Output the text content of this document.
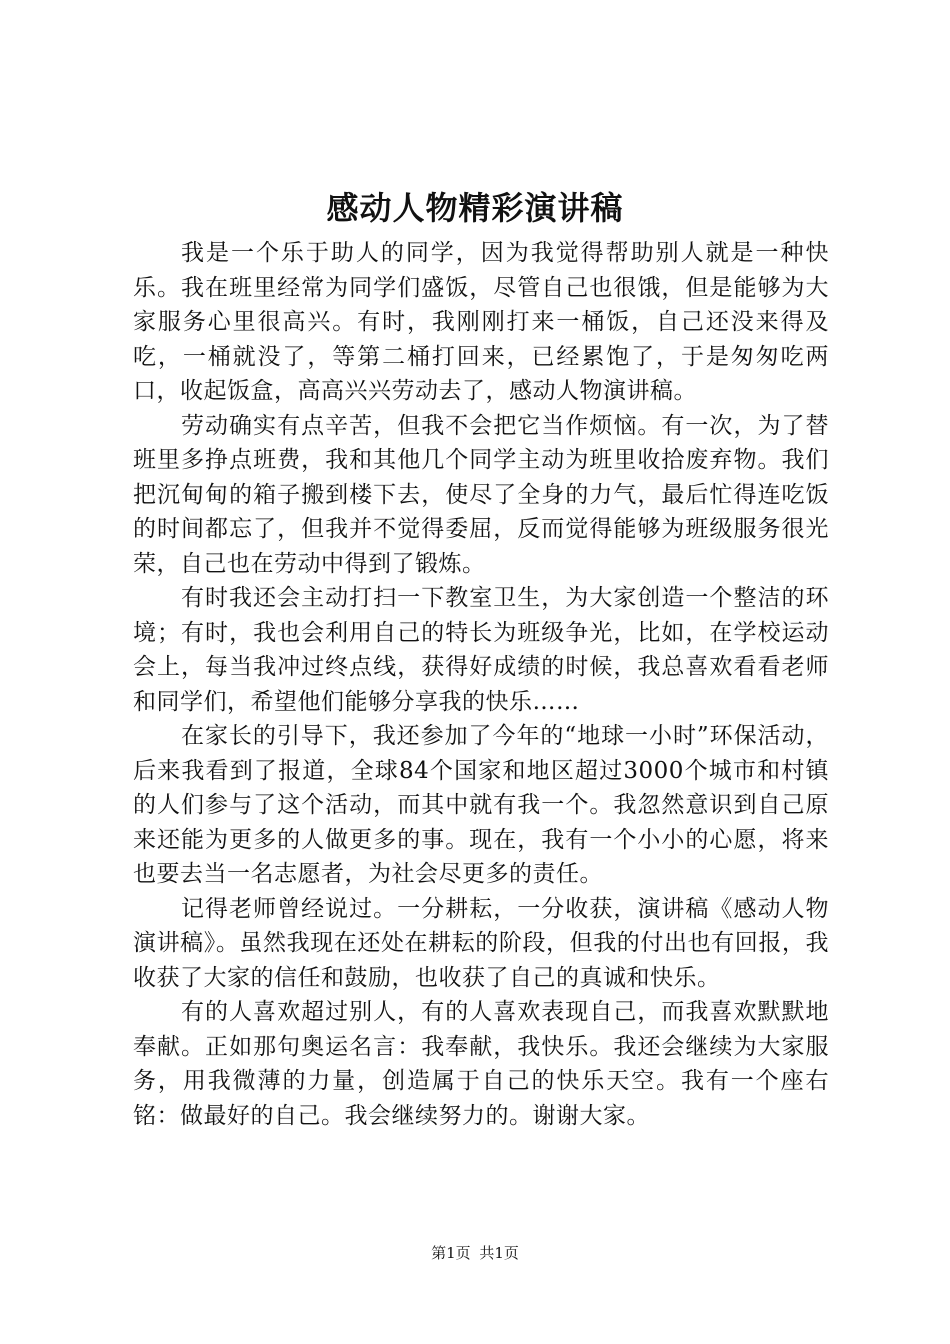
感动人物精彩演讲稿

我是一个乐于助人的同学，因为我觉得帮助别人就是一种快乐。我在班里经常为同学们盛饭，尽管自己也很饿，但是能够为大家服务心里很高兴。有时，我刚刚打来一桶饭，自己还没来得及吃，一桶就没了，等第二桶打回来，已经累饱了，于是匆匆吃两口，收起饭盒，高高兴兴劳动去了，感动人物演讲稿。

劳动确实有点辛苦，但我不会把它当作烦恼。有一次，为了替班里多挣点班费，我和其他几个同学主动为班里收拾废弃物。我们把沉甸甸的箱子搬到楼下去，使尽了全身的力气，最后忙得连吃饭的时间都忘了，但我并不觉得委屈，反而觉得能够为班级服务很光荣，自己也在劳动中得到了锻炼。

有时我还会主动打扫一下教室卫生，为大家创造一个整洁的环境；有时，我也会利用自己的特长为班级争光，比如，在学校运动会上，每当我冲过终点线，获得好成绩的时候，我总喜欢看看老师和同学们，希望他们能够分享我的快乐……

在家长的引导下，我还参加了今年的“地球一小时”环保活动，后来我看到了报道，全球84个国家和地区超过3000个城市和村镇的人们参与了这个活动，而其中就有我一个。我忽然意识到自己原来还能为更多的人做更多的事。现在，我有一个小小的心愿，将来也要去当一名志愿者，为社会尽更多的责任。

记得老师曾经说过。一分耕耘，一分收获，演讲稿《感动人物演讲稿》。虽然我现在还处在耕耘的阶段，但我的付出也有回报，我收获了大家的信任和鼓励，也收获了自己的真诚和快乐。

有的人喜欢超过别人，有的人喜欢表现自己，而我喜欢默默地奉献。正如那句奥运名言：我奉献，我快乐。我还会继续为大家服务，用我微薄的力量，创造属于自己的快乐天空。我有一个座右铭：做最好的自己。我会继续努力的。谢谢大家。

第1页 共1页
